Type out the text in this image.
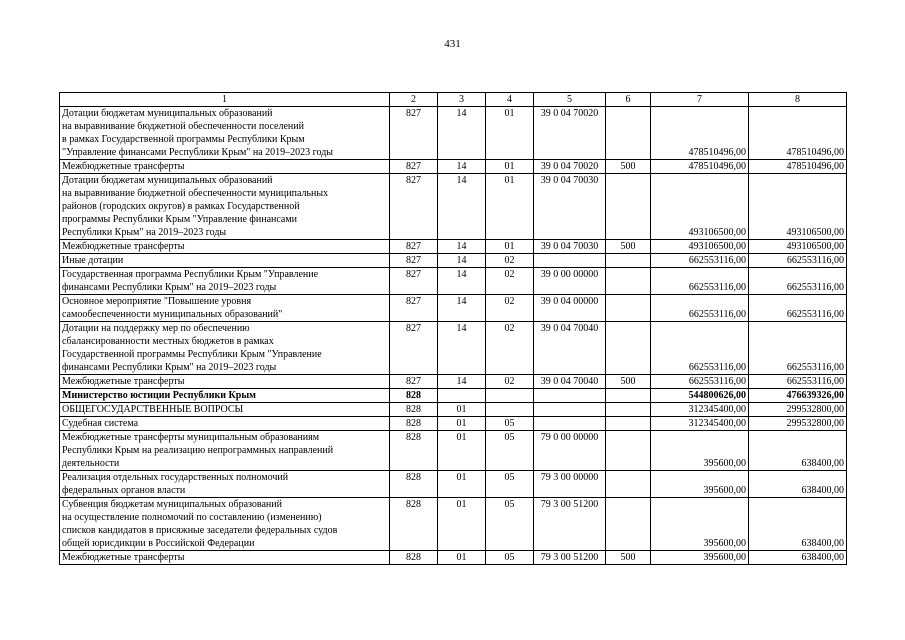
431
1	2	3	4	5	6	7	8
Дотации бюджетам муниципальных образований
на выравнивание бюджетной обеспеченности поселений
в рамках Государственной программы Республики Крым
"Управление финансами Республики Крым" на 2019–2023 годы	827	14	01	39 0 04 70020		478510496,00	478510496,00
Межбюджетные трансферты	827	14	01	39 0 04 70020	500	478510496,00	478510496,00
Дотации бюджетам муниципальных образований
на выравнивание бюджетной обеспеченности муниципальных
районов (городских округов) в рамках Государственной
программы Республики Крым "Управление финансами
Республики Крым" на 2019–2023 годы	827	14	01	39 0 04 70030		493106500,00	493106500,00
Межбюджетные трансферты	827	14	01	39 0 04 70030	500	493106500,00	493106500,00
Иные дотации	827	14	02			662553116,00	662553116,00
Государственная программа Республики Крым "Управление
финансами Республики Крым" на 2019–2023 годы	827	14	02	39 0 00 00000		662553116,00	662553116,00
Основное мероприятие "Повышение уровня
самообеспеченности муниципальных образований"	827	14	02	39 0 04 00000		662553116,00	662553116,00
Дотации на поддержку мер по обеспечению
сбалансированности местных бюджетов в рамках
Государственной программы Республики Крым "Управление
финансами Республики Крым" на 2019–2023 годы	827	14	02	39 0 04 70040		662553116,00	662553116,00
Межбюджетные трансферты	827	14	02	39 0 04 70040	500	662553116,00	662553116,00
Министерство юстиции Республики Крым	828					544800626,00	476639326,00
ОБЩЕГОСУДАРСТВЕННЫЕ ВОПРОСЫ	828	01				312345400,00	299532800,00
Судебная система	828	01	05			312345400,00	299532800,00
Межбюджетные трансферты муниципальным образованиям
Республики Крым на реализацию непрограммных направлений
деятельности	828	01	05	79 0 00 00000		395600,00	638400,00
Реализация отдельных государственных полномочий
федеральных органов власти	828	01	05	79 3 00 00000		395600,00	638400,00
Субвенция бюджетам муниципальных образований
на осуществление полномочий по составлению (изменению)
списков кандидатов в присяжные заседатели федеральных судов
общей юрисдикции в Российской Федерации	828	01	05	79 3 00 51200		395600,00	638400,00
Межбюджетные трансферты	828	01	05	79 3 00 51200	500	395600,00	638400,00
